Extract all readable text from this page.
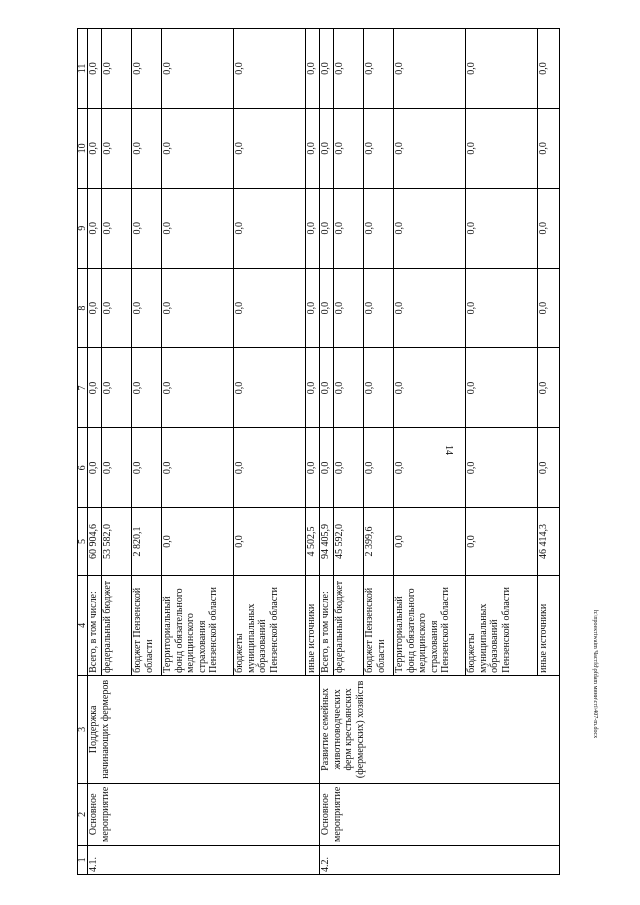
14
1	2	3	4	5	6	7	8	9	10	11
4.1.	Основное мероприятие	Поддержка начинающих фермеров	Всего, в том числе:	60 904,6	0,0	0,0	0,0	0,0	0,0	0,0
			федеральный бюджет	53 582,0	0,0	0,0	0,0	0,0	0,0	0,0
			бюджет Пензенской области	2 820,1	0,0	0,0	0,0	0,0	0,0	0,0
			Территориальный фонд обязательного медицинского страхования Пензенской области	0,0	0,0	0,0	0,0	0,0	0,0	0,0
			бюджеты муниципальных образований Пензенской области	0,0	0,0	0,0	0,0	0,0	0,0	0,0
			иные источники	4 502,5	0,0	0,0	0,0	0,0	0,0	0,0
4.2.	Основное мероприятие	Развитие семейных животноводческих ферм крестьянских (фермерских) хозяйств	Всего, в том числе:	94 405,9	0,0	0,0	0,0	0,0	0,0	0,0
			федеральный бюджет	45 592,0	0,0	0,0	0,0	0,0	0,0	0,0
			бюджет Пензенской области	2 399,6	0,0	0,0	0,0	0,0	0,0	0,0
			Территориальный фонд обязательного медицинского страхования Пензенской области	0,0	0,0	0,0	0,0	0,0	0,0	0,0
			бюджеты муниципальных образований Пензенской области	0,0	0,0	0,0	0,0	0,0	0,0	0,0
			иные источники	46 414,3	0,0	0,0	0,0	0,0	0,0	0,0
h:\проектiwaim Частfd\рfdam мини\стi\407-m.docx
